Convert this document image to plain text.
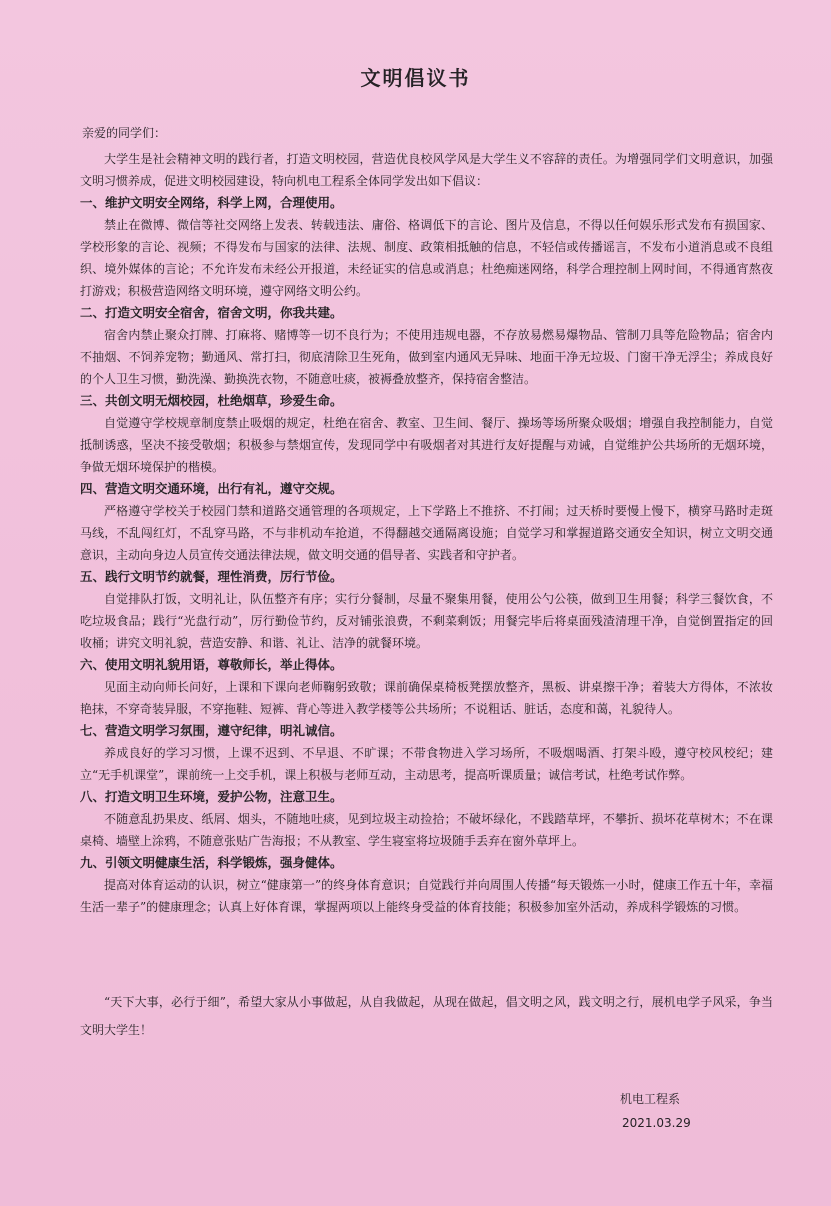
文明倡议书
亲爱的同学们：

大学生是社会精神文明的践行者，打造文明校园，营造优良校风学风是大学生义不容辞的责任。为增强同学们文明意识，加强文明习惯养成，促进文明校园建设，特向机电工程系全体同学发出如下倡议：

一、维护文明安全网络，科学上网，合理使用。

禁止在微博、微信等社交网络上发表、转载违法、庸俗、格调低下的言论、图片及信息，不得以任何娱乐形式发布有损国家、学校形象的言论、视频；不得发布与国家的法律、法规、制度、政策相抵触的信息，不轻信或传播谣言，不发布小道消息或不良组织、境外媒体的言论；不允许发布未经公开报道，未经证实的信息或消息；杜绝痴迷网络，科学合理控制上网时间，不得通宵熬夜打游戏；积极营造网络文明环境，遵守网络文明公约。

二、打造文明安全宿舍，宿舍文明，你我共建。

宿舍内禁止聚众打牌、打麻将、赌博等一切不良行为；不使用违规电器，不存放易燃易爆物品、管制刀具等危险物品；宿舍内不抽烟、不饲养宠物；勤通风、常打扫，彻底清除卫生死角，做到室内通风无异味、地面干净无垃圾、门窗干净无浮尘；养成良好的个人卫生习惯，勤洗澡、勤换洗衣物，不随意吐痰，被褥叠放整齐，保持宿舍整洁。

三、共创文明无烟校园，杜绝烟草，珍爱生命。

自觉遵守学校规章制度禁止吸烟的规定，杜绝在宿舍、教室、卫生间、餐厅、操场等场所聚众吸烟；增强自我控制能力，自觉抵制诱惑，坚决不接受敬烟；积极参与禁烟宣传，发现同学中有吸烟者对其进行友好提醒与劝诫，自觉维护公共场所的无烟环境，争做无烟环境保护的楷模。

四、营造文明交通环境，出行有礼，遵守交规。

严格遵守学校关于校园门禁和道路交通管理的各项规定，上下学路上不推挤、不打闹；过天桥时要慢上慢下，横穿马路时走斑马线，不乱闯红灯，不乱穿马路，不与非机动车抢道，不得翻越交通隔离设施；自觉学习和掌握道路交通安全知识，树立文明交通意识，主动向身边人员宣传交通法律法规，做文明交通的倡导者、实践者和守护者。

五、践行文明节约就餐，理性消费，厉行节俭。

自觉排队打饭，文明礼让，队伍整齐有序；实行分餐制，尽量不聚集用餐，使用公勺公筷，做到卫生用餐；科学三餐饮食，不吃垃圾食品；践行“光盘行动”，厉行勤俭节约，反对铺张浪费，不剩菜剩饭；用餐完毕后将桌面残渣清理干净，自觉倒置指定的回收桶；讲究文明礼貌，营造安静、和谐、礼让、洁净的就餐环境。

六、使用文明礼貌用语，尊敬师长，举止得体。

见面主动向师长问好，上课和下课向老师鞠躬致敬；课前确保桌椅板凳摆放整齐，黑板、讲桌擦干净；着装大方得体，不浓妆艳抹，不穿奇装异服，不穿拖鞋、短裤、背心等进入教学楼等公共场所；不说粗话、脏话，态度和蔼，礼貌待人。

七、营造文明学习氛围，遵守纪律，明礼诚信。

养成良好的学习习惯，上课不迟到、不早退、不旷课；不带食物进入学习场所，不吸烟喝酒、打架斗殴，遵守校风校纪；建立“无手机课堂”，课前统一上交手机，课上积极与老师互动，主动思考，提高听课质量；诚信考试，杜绝考试作弊。

八、打造文明卫生环境，爱护公物，注意卫生。

不随意乱扔果皮、纸屑、烟头，不随地吐痰，见到垃圾主动捡拾；不破坏绿化，不践踏草坪，不攀折、损坏花草树木；不在课桌椅、墙壁上涂鸦，不随意张贴广告海报；不从教室、学生寝室将垃圾随手丢弃在窗外草坪上。

九、引领文明健康生活，科学锻炼，强身健体。

提高对体育运动的认识，树立“健康第一”的终身体育意识；自觉践行并向周围人传播“每天锻炼一小时，健康工作五十年，幸福生活一辈子”的健康理念；认真上好体育课，掌握两项以上能终身受益的体育技能；积极参加室外活动，养成科学锻炼的习惯。

“天下大事，必行于细”，希望大家从小事做起，从自我做起，从现在做起，倡文明之风，践文明之行，展机电学子风采，争当文明大学生！
机电工程系
2021.03.29
